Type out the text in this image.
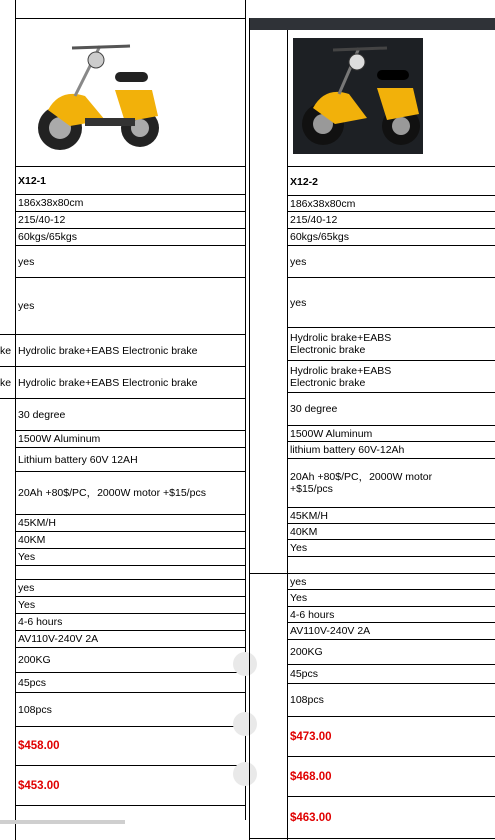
X12-1
186x38x80cm
215/40-12
60kgs/65kgs
yes
yes
ke Hydrolic brake+EABS Electronic brake
ke Hydrolic brake+EABS Electronic brake
30 degree
1500W Aluminum
Lithium battery 60V 12AH
20Ah +80$/PC，2000W motor +$15/pcs
45KM/H
40KM
Yes
yes
Yes
4-6 hours
AV110V-240V 2A
200KG
45pcs
108pcs
$458.00
$453.00
X12-2
186x38x80cm
215/40-12
60kgs/65kgs
yes
yes
Hydrolic brake+EABS
Electronic brake
Hydrolic brake+EABS
Electronic brake
30 degree
1500W Aluminum
lithium battery 60V-12Ah
20Ah +80$/PC，2000W motor
+$15/pcs
45KM/H
40KM
Yes
yes
Yes
4-6 hours
AV110V-240V 2A
200KG
45pcs
108pcs
$473.00
$468.00
$463.00
